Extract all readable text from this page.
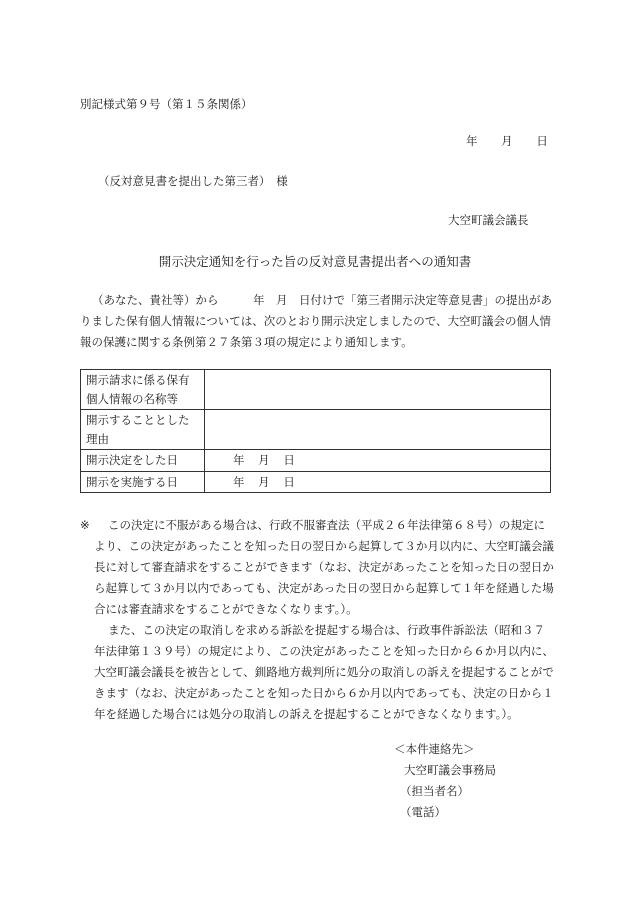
別記様式第９号（第１５条関係）
年 月 日
（反対意見書を提出した第三者）　様
大空町議会議長
開示決定通知を行った旨の反対意見書提出者への通知書
（あなた、貴社等）から　　　年　月　日付けで「第三者開示決定等意見書」の提出がありました保有個人情報については、次のとおり開示決定しましたので、大空町議会の個人情報の保護に関する条例第２７条第３項の規定により通知します。
開示請求に係る保有個人情報の名称等	
開示することとした理由	
開示決定をした日	年 月 日
開示を実施する日	年 月 日
※	この決定に不服がある場合は、行政不服審査法（平成２６年法律第６８号）の規定により、この決定があったことを知った日の翌日から起算して３か月以内に、大空町議会議長に対して審査請求をすることができます（なお、決定があったことを知った日の翌日から起算して３か月以内であっても、決定があった日の翌日から起算して１年を経過した場合には審査請求をすることができなくなります。）。

また、この決定の取消しを求める訴訟を提起する場合は、行政事件訴訟法（昭和３７年法律第１３９号）の規定により、この決定があったことを知った日から６か月以内に、大空町議会議長を被告として、釧路地方裁判所に処分の取消しの訴えを提起することができます（なお、決定があったことを知った日から６か月以内であっても、決定の日から１年を経過した場合には処分の取消しの訴えを提起することができなくなります。）。

＜本件連絡先＞
大空町議会事務局
（担当者名）
（電話）
